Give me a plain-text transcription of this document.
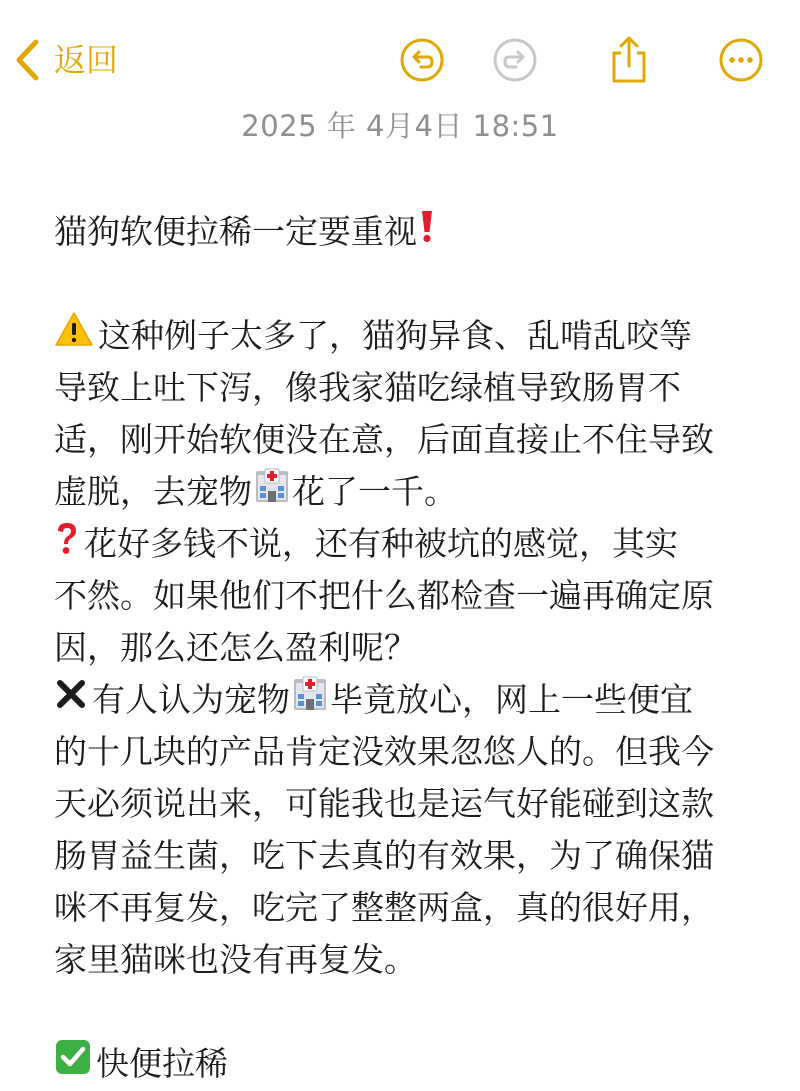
返回
2025 年 4月4日 18:51
猫狗软便拉稀一定要重视
这种例子太多了，猫狗异食、乱啃乱咬等
导致上吐下泻，像我家猫吃绿植导致肠胃不
适，刚开始软便没在意，后面直接止不住导致
虚脱，去宠物 花了一千。
花好多钱不说，还有种被坑的感觉，其实
不然。如果他们不把什么都检查一遍再确定原
因，那么还怎么盈利呢？
有人认为宠物 毕竟放心，网上一些便宜
的十几块的产品肯定没效果忽悠人的。但我今
天必须说出来，可能我也是运气好能碰到这款
肠胃益生菌，吃下去真的有效果，为了确保猫
咪不再复发，吃完了整整两盒，真的很好用，
家里猫咪也没有再复发。
快便拉稀
